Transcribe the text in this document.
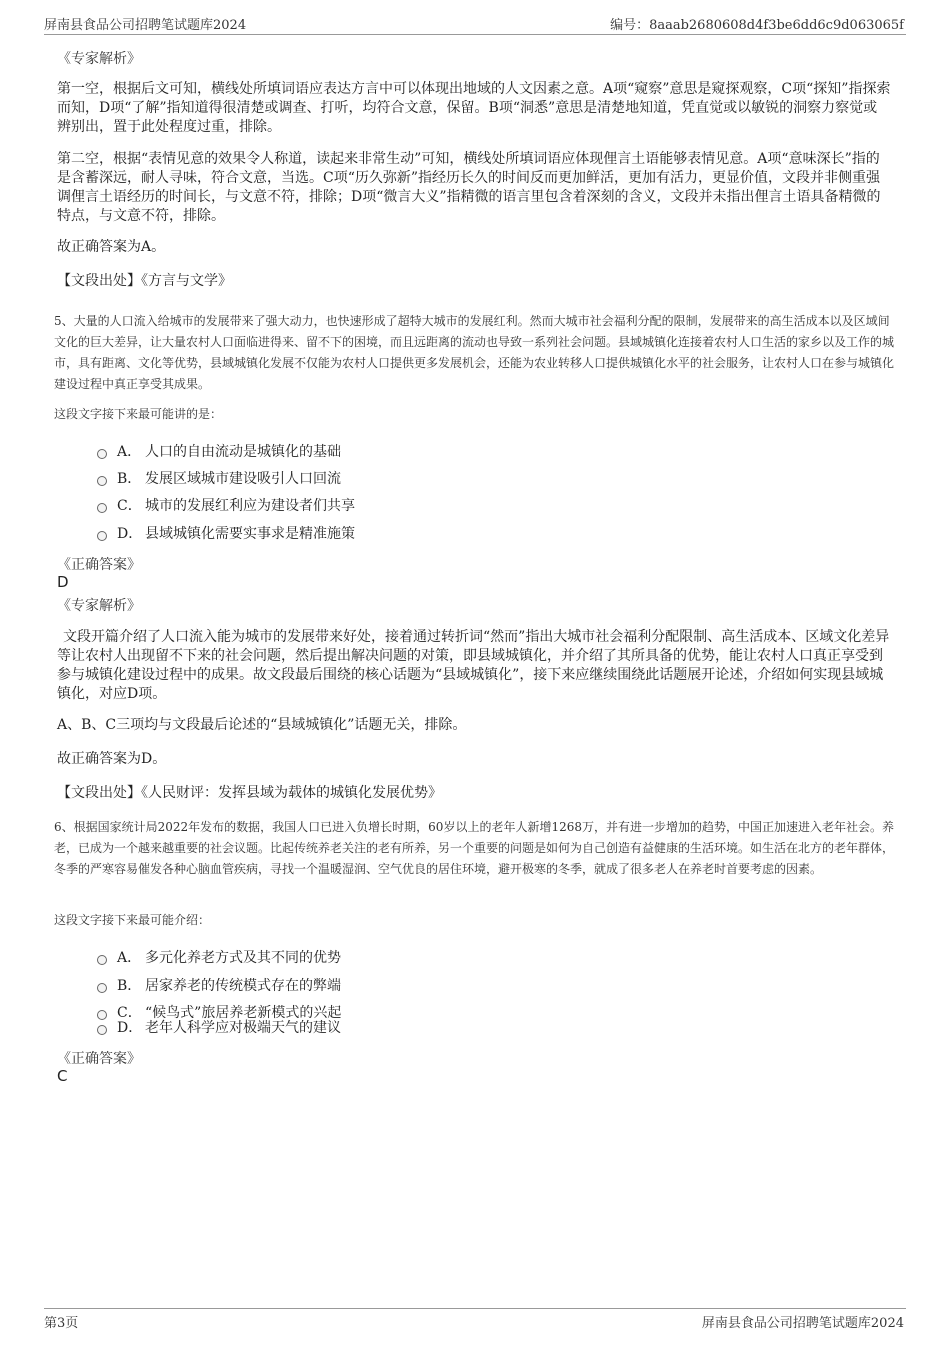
屏南县食品公司招聘笔试题库2024	编号：8aaab2680608d4f3be6dd6c9d063065f
《专家解析》
第一空，根据后文可知，横线处所填词语应表达方言中可以体现出地域的人文因素之意。A项“窥察”意思是窥探观察，C项“探知”指探索而知，D项“了解”指知道得很清楚或调查、打听，均符合文意，保留。B项“洞悉”意思是清楚地知道，凭直觉或以敏锐的洞察力察觉或辨别出，置于此处程度过重，排除。
第二空，根据“表情见意的效果令人称道，读起来非常生动”可知，横线处所填词语应体现俚言土语能够表情见意。A项“意味深长”指的是含蓄深远，耐人寻味，符合文意，当选。C项“历久弥新”指经历长久的时间反而更加鲜活，更加有活力，更显价值，文段并非侧重强调俚言土语经历的时间长，与文意不符，排除；D项“微言大义”指精微的语言里包含着深刻的含义，文段并未指出俚言土语具备精微的特点，与文意不符，排除。
故正确答案为A。
【文段出处】《方言与文学》
5、大量的人口流入给城市的发展带来了强大动力，也快速形成了超特大城市的发展红利。然而大城市社会福利分配的限制，发展带来的高生活成本以及区域间文化的巨大差异，让大量农村人口面临进得来、留不下的困境，而且远距离的流动也导致一系列社会问题。县域城镇化连接着农村人口生活的家乡以及工作的城市，具有距离、文化等优势，县域城镇化发展不仅能为农村人口提供更多发展机会，还能为农业转移人口提供城镇化水平的社会服务，让农村人口在参与城镇化建设过程中真正享受其成果。
这段文字接下来最可能讲的是：
A． 人口的自由流动是城镇化的基础
B． 发展区域城市建设吸引人口回流
C． 城市的发展红利应为建设者们共享
D． 县域城镇化需要实事求是精准施策
《正确答案》
D
《专家解析》
文段开篇介绍了人口流入能为城市的发展带来好处，接着通过转折词“然而”指出大城市社会福利分配限制、高生活成本、区域文化差异等让农村人出现留不下来的社会问题，然后提出解决问题的对策，即县域城镇化，并介绍了其所具备的优势，能让农村人口真正享受到参与城镇化建设过程中的成果。故文段最后围绕的核心话题为“县域城镇化”，接下来应继续围绕此话题展开论述，介绍如何实现县域城镇化，对应D项。
A、B、C三项均与文段最后论述的“县域城镇化”话题无关，排除。
故正确答案为D。
【文段出处】《人民财评：发挥县域为载体的城镇化发展优势》
6、根据国家统计局2022年发布的数据，我国人口已进入负增长时期，60岁以上的老年人新增1268万，并有进一步增加的趋势，中国正加速进入老年社会。养老，已成为一个越来越重要的社会议题。比起传统养老关注的老有所养，另一个重要的问题是如何为自己创造有益健康的生活环境。如生活在北方的老年群体，冬季的严寒容易催发各种心脑血管疾病，寻找一个温暖湿润、空气优良的居住环境，避开极寒的冬季，就成了很多老人在养老时首要考虑的因素。
这段文字接下来最可能介绍：
A． 多元化养老方式及其不同的优势
B． 居家养老的传统模式存在的弊端
C． “候鸟式”旅居养老新模式的兴起
D． 老年人科学应对极端天气的建议
《正确答案》
C
第3页	屏南县食品公司招聘笔试题库2024
